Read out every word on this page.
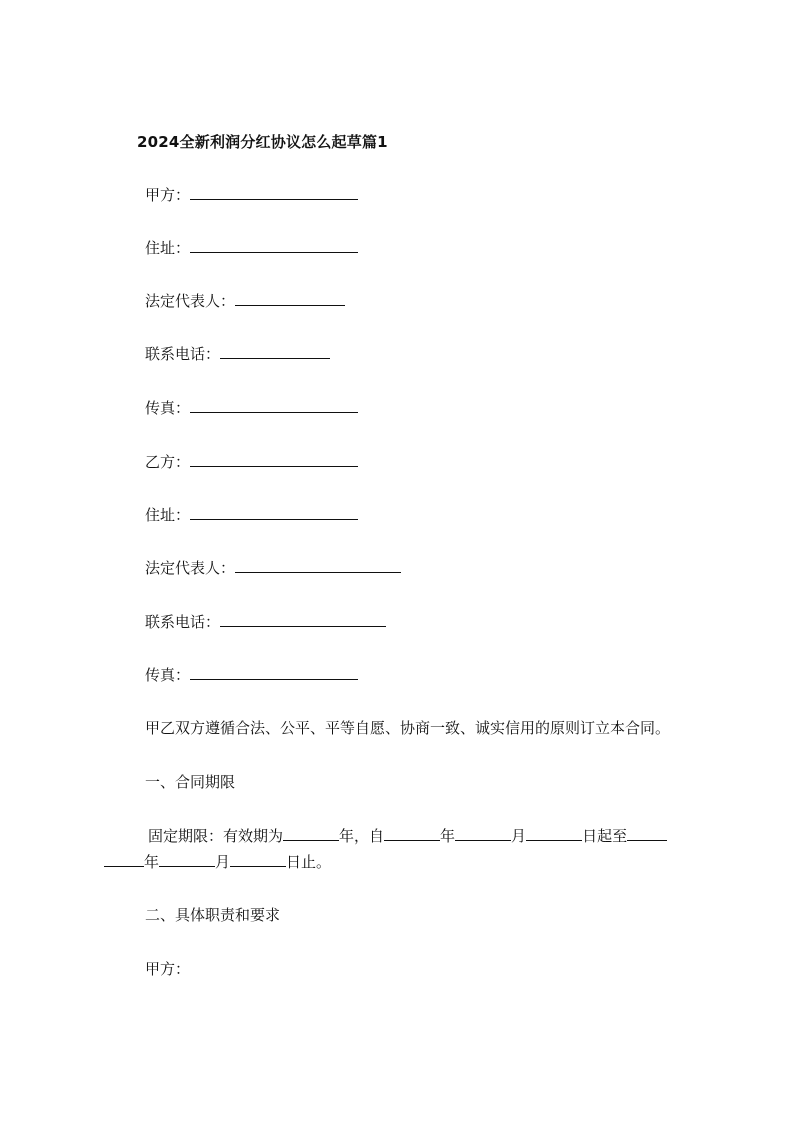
2024全新利润分红协议怎么起草篇1
甲方：
住址：
法定代表人：
联系电话：
传真：
乙方：
住址：
法定代表人：
联系电话：
传真：
甲乙双方遵循合法、公平、平等自愿、协商一致、诚实信用的原则订立本合同。
一、合同期限
固定期限：有效期为	年，自	年	月	日起至
年	月	日止。
二、具体职责和要求
甲方：
